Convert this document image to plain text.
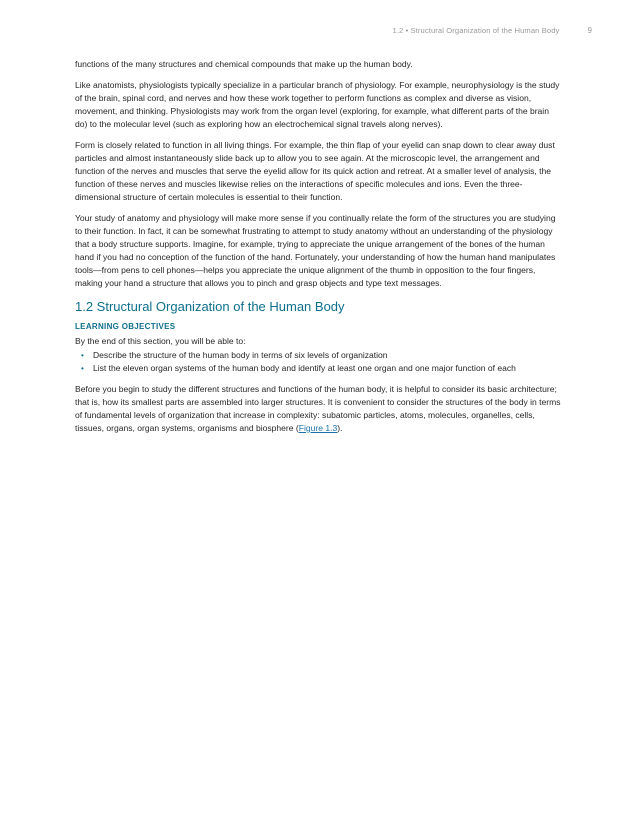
1.2 • Structural Organization of the Human Body	9

functions of the many structures and chemical compounds that make up the human body.

Like anatomists, physiologists typically specialize in a particular branch of physiology. For example, neurophysiology is the study of the brain, spinal cord, and nerves and how these work together to perform functions as complex and diverse as vision, movement, and thinking. Physiologists may work from the organ level (exploring, for example, what different parts of the brain do) to the molecular level (such as exploring how an electrochemical signal travels along nerves).

Form is closely related to function in all living things. For example, the thin flap of your eyelid can snap down to clear away dust particles and almost instantaneously slide back up to allow you to see again. At the microscopic level, the arrangement and function of the nerves and muscles that serve the eyelid allow for its quick action and retreat. At a smaller level of analysis, the function of these nerves and muscles likewise relies on the interactions of specific molecules and ions. Even the three-dimensional structure of certain molecules is essential to their function.

Your study of anatomy and physiology will make more sense if you continually relate the form of the structures you are studying to their function. In fact, it can be somewhat frustrating to attempt to study anatomy without an understanding of the physiology that a body structure supports. Imagine, for example, trying to appreciate the unique arrangement of the bones of the human hand if you had no conception of the function of the hand. Fortunately, your understanding of how the human hand manipulates tools—from pens to cell phones—helps you appreciate the unique alignment of the thumb in opposition to the four fingers, making your hand a structure that allows you to pinch and grasp objects and type text messages.

1.2 Structural Organization of the Human Body
LEARNING OBJECTIVES

By the end of this section, you will be able to:

• Describe the structure of the human body in terms of six levels of organization
• List the eleven organ systems of the human body and identify at least one organ and one major function of each

Before you begin to study the different structures and functions of the human body, it is helpful to consider its basic architecture; that is, how its smallest parts are assembled into larger structures. It is convenient to consider the structures of the body in terms of fundamental levels of organization that increase in complexity: subatomic particles, atoms, molecules, organelles, cells, tissues, organs, organ systems, organisms and biosphere (Figure 1.3).
